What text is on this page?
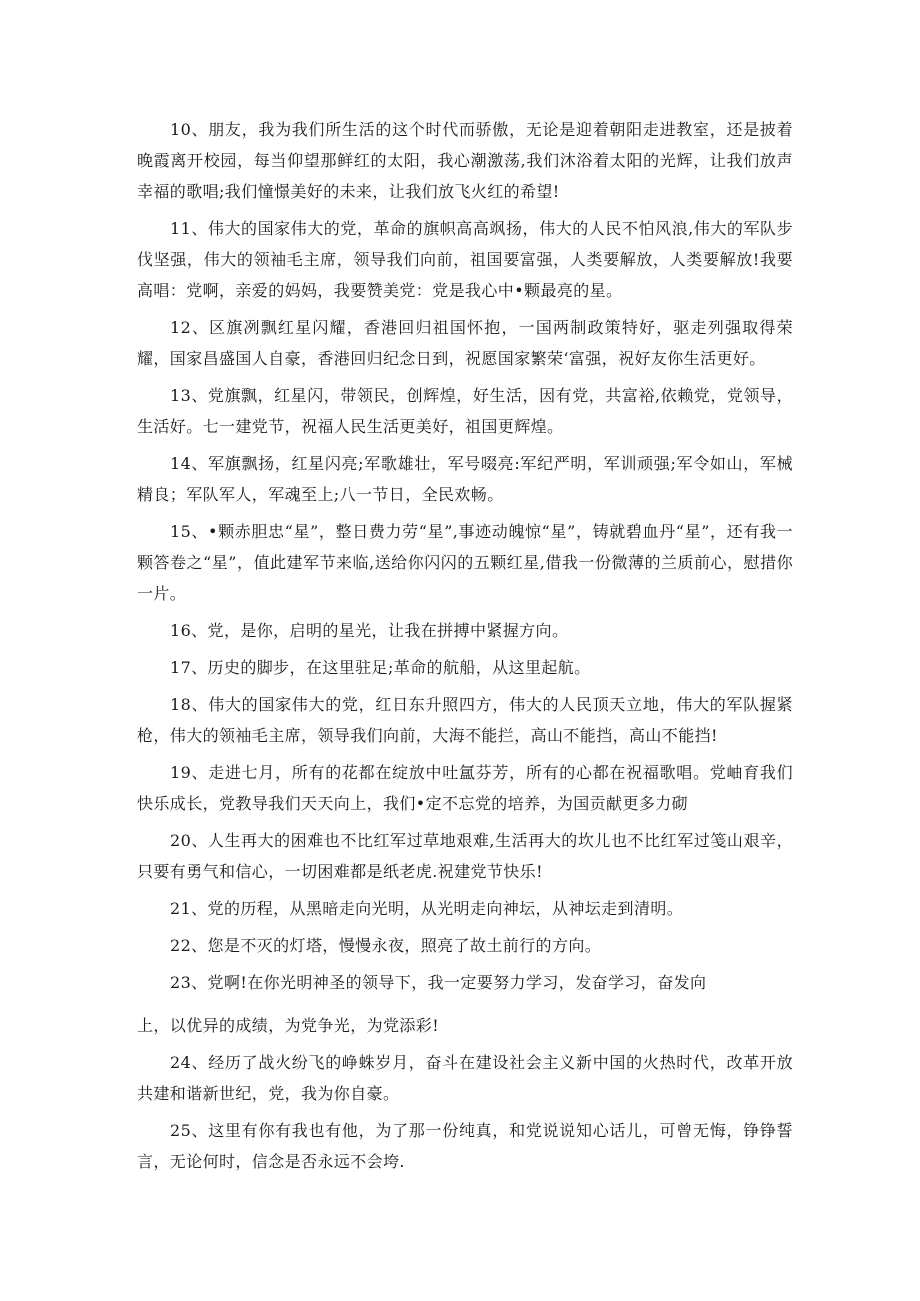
10、朋友，我为我们所生活的这个时代而骄傲，无论是迎着朝阳走进教室，还是披着晚霞离开校园，每当仰望那鲜红的太阳，我心潮激荡,我们沐浴着太阳的光辉，让我们放声幸福的歌唱;我们憧憬美好的未来，让我们放飞火红的希望!

11、伟大的国家伟大的党，革命的旗帜高高飒扬，伟大的人民不怕风浪,伟大的军队步伐坚强，伟大的领袖毛主席，领导我们向前，祖国要富强，人类要解放，人类要解放!我要高唱：党啊，亲爱的妈妈，我要赞美党：党是我心中•颗最亮的星。

12、区旗冽飘红星闪耀，香港回归祖国怀抱，一国两制政策特好，驱走列强取得荣耀，国家昌盛国人自豪，香港回归纪念日到，祝愿国家繁荣‘富强，祝好友你生活更好。

13、党旗飘，红星闪，带领民，创辉煌，好生活，因有党，共富裕,依赖党，党领导，生活好。七一建党节，祝福人民生活更美好，祖国更辉煌。

14、军旗飘扬，红星闪亮;军歌雄壮，军号啜亮:军纪严明，军训顽强;军令如山，军械精良；军队军人，军魂至上;八一节日，全民欢畅。

15、•颗赤胆忠“星”，整日费力劳“星”,事迹动魄惊“星”，铸就碧血丹“星”，还有我一颗答卷之“星”，值此建军节来临,送给你闪闪的五颗红星,借我一份微薄的兰质前心，慰措你一片。

16、党，是你，启明的星光，让我在拼搏中紧握方向。

17、历史的脚步，在这里驻足;革命的航船，从这里起航。

18、伟大的国家伟大的党，红日东升照四方，伟大的人民顶天立地，伟大的军队握紧枪，伟大的领袖毛主席，领导我们向前，大海不能拦，高山不能挡，高山不能挡!

19、走进七月，所有的花都在绽放中吐氲芬芳，所有的心都在祝福歌唱。党岫育我们快乐成长，党教导我们天天向上，我们•定不忘党的培养，为国贡献更多力砌

20、人生再大的困难也不比红军过草地艰难,生活再大的坎儿也不比红军过笺山艰辛，只要有勇气和信心，一切困难都是纸老虎.祝建党节快乐!

21、党的历程，从黑暗走向光明，从光明走向神坛，从神坛走到清明。

22、您是不灭的灯塔，慢慢永夜，照亮了故土前行的方向。

23、党啊!在你光明神圣的领导下，我一定要努力学习，发奋学习，奋发向
上，以优异的成绩，为党争光，为党添彩!

24、经历了战火纷飞的峥蛛岁月，奋斗在建设社会主义新中国的火热时代，改革开放共建和谐新世纪，党，我为你自豪。

25、这里有你有我也有他，为了那一份纯真，和党说说知心话儿，可曾无悔，铮铮誓言，无论何时，信念是否永远不会垮.
